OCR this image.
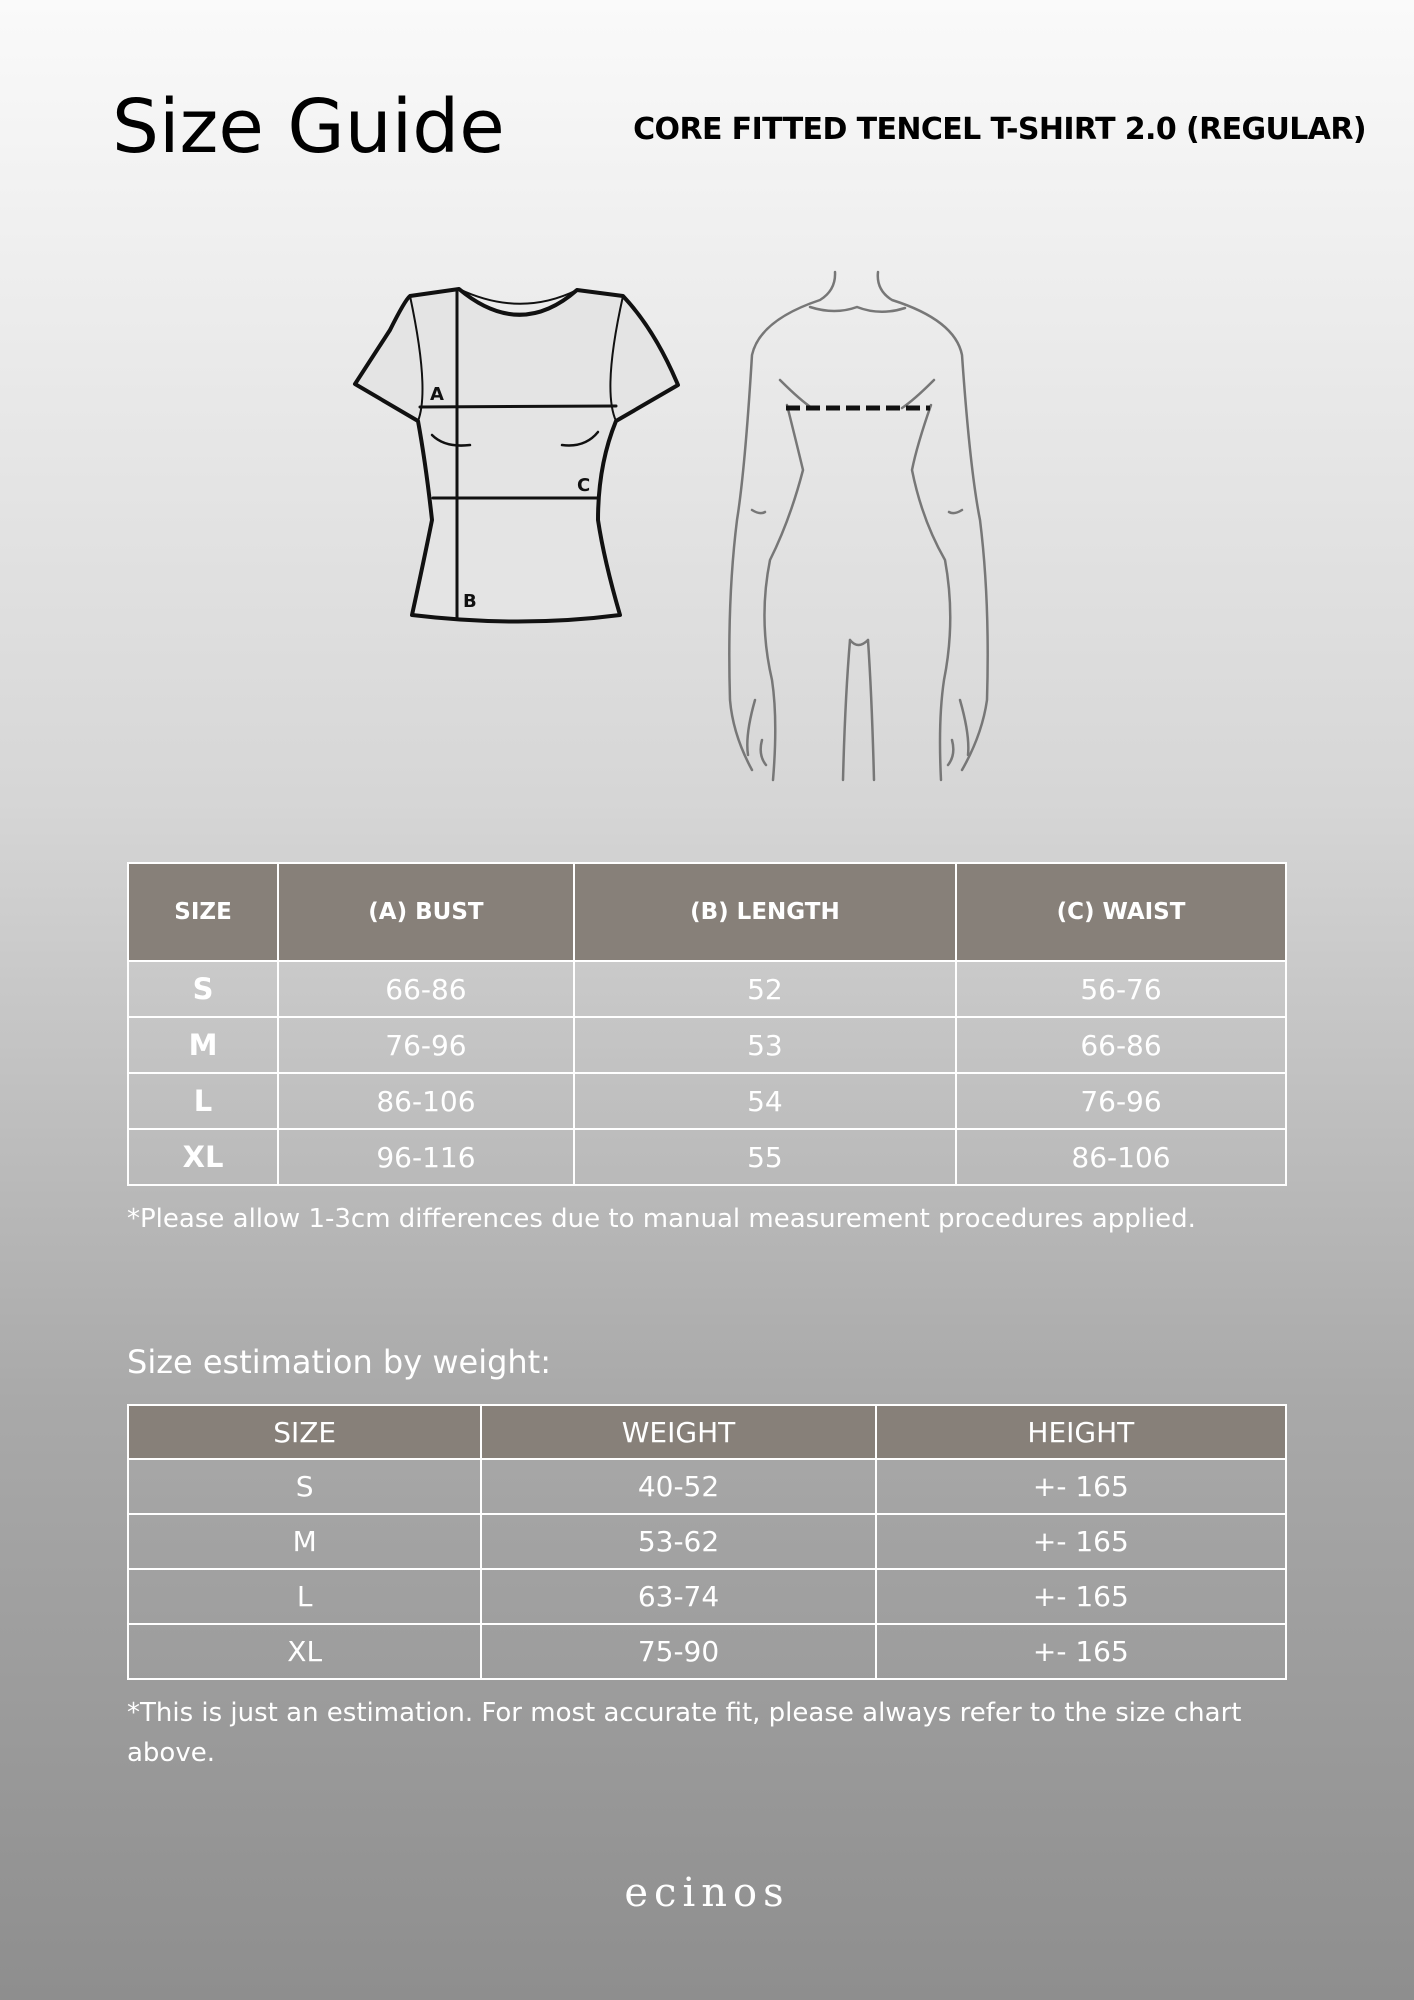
Size Guide	CORE FITTED TENCEL T-SHIRT 2.0 (REGULAR)
A
C
B
SIZE	(A) BUST	(B) LENGTH	(C) WAIST
S	66-86	52	56-76
M	76-96	53	66-86
L	86-106	54	76-96
XL	96-116	55	86-106
*Please allow 1-3cm differences due to manual measurement procedures applied.
Size estimation by weight:
SIZE	WEIGHT	HEIGHT
S	40-52	+- 165
M	53-62	+- 165
L	63-74	+- 165
XL	75-90	+- 165
*This is just an estimation. For most accurate fit, please always refer to the size chart above.
ecinos
